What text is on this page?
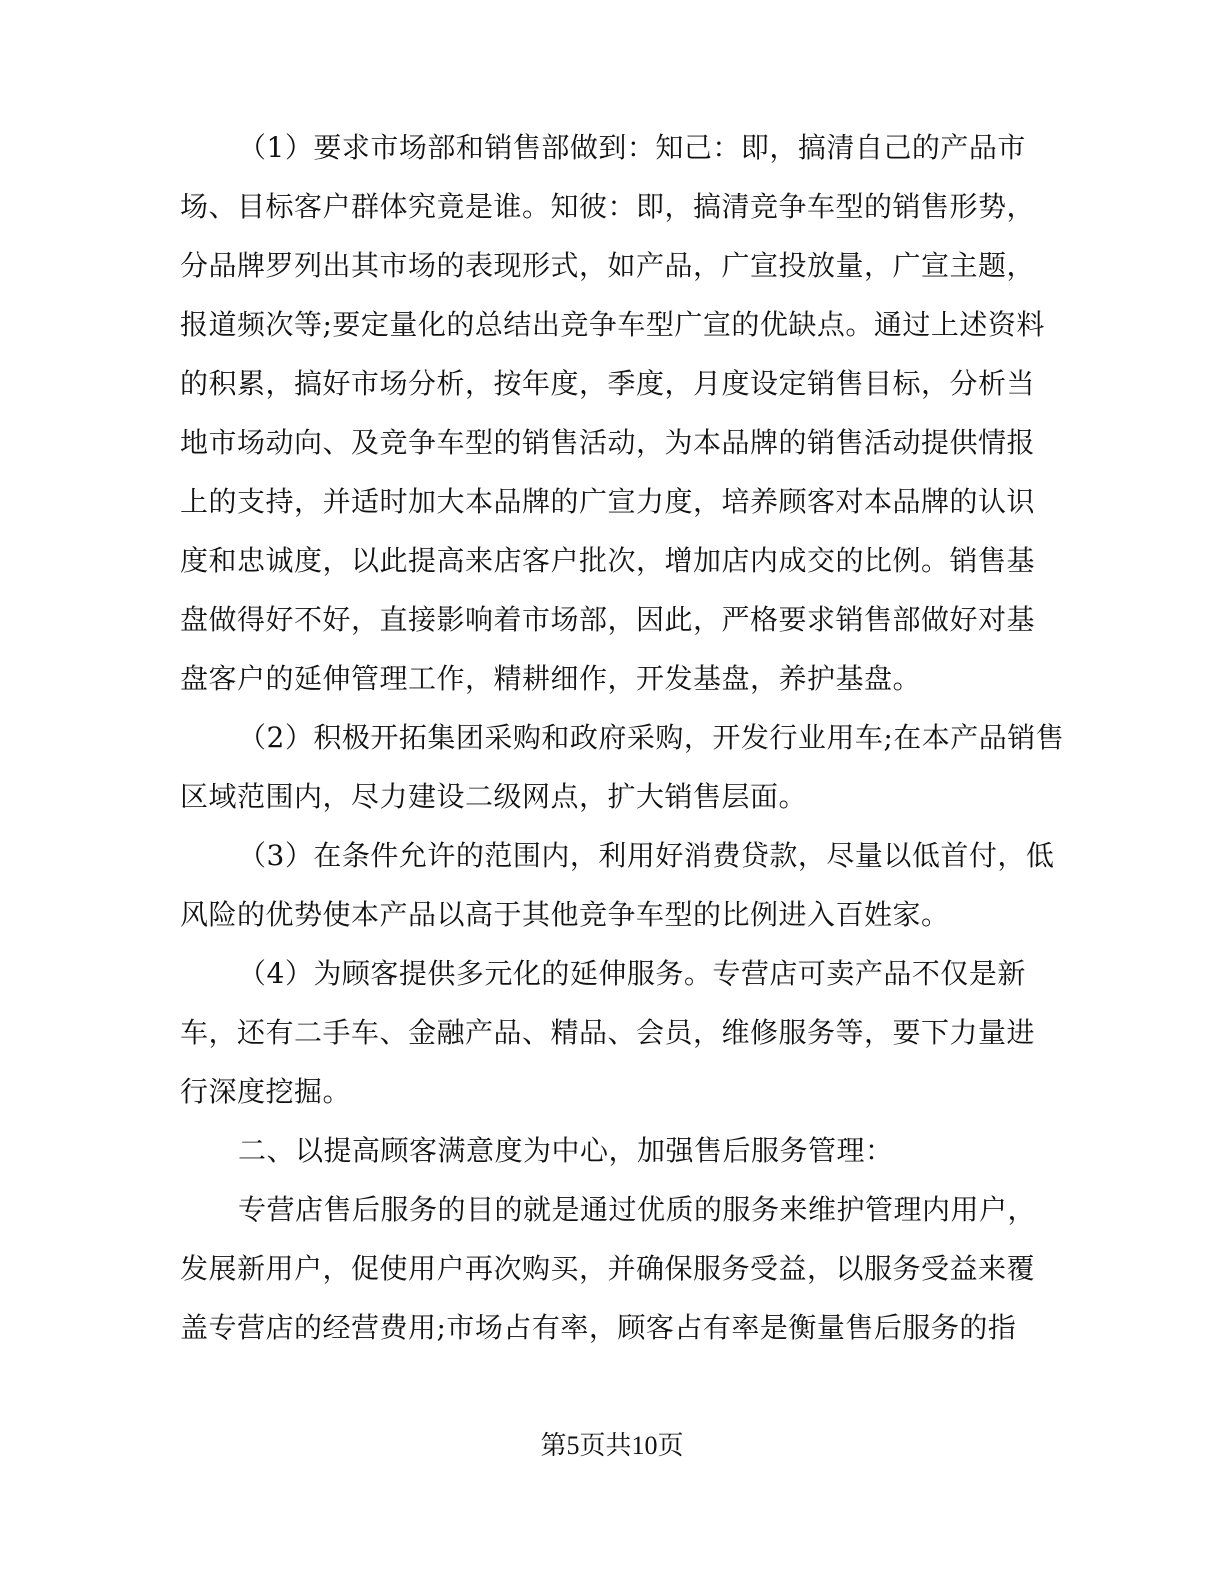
（1）要求市场部和销售部做到：知己：即，搞清自己的产品市
场、目标客户群体究竟是谁。知彼：即，搞清竞争车型的销售形势，
分品牌罗列出其市场的表现形式，如产品，广宣投放量，广宣主题，
报道频次等;要定量化的总结出竞争车型广宣的优缺点。通过上述资料
的积累，搞好市场分析，按年度，季度，月度设定销售目标，分析当
地市场动向、及竞争车型的销售活动，为本品牌的销售活动提供情报
上的支持，并适时加大本品牌的广宣力度，培养顾客对本品牌的认识
度和忠诚度，以此提高来店客户批次，增加店内成交的比例。销售基
盘做得好不好，直接影响着市场部，因此，严格要求销售部做好对基
盘客户的延伸管理工作，精耕细作，开发基盘，养护基盘。
（2）积极开拓集团采购和政府采购，开发行业用车;在本产品销售
区域范围内，尽力建设二级网点，扩大销售层面。
（3）在条件允许的范围内，利用好消费贷款，尽量以低首付，低
风险的优势使本产品以高于其他竞争车型的比例进入百姓家。
（4）为顾客提供多元化的延伸服务。专营店可卖产品不仅是新
车，还有二手车、金融产品、精品、会员，维修服务等，要下力量进
行深度挖掘。
二、以提高顾客满意度为中心，加强售后服务管理：
专营店售后服务的目的就是通过优质的服务来维护管理内用户，
发展新用户，促使用户再次购买，并确保服务受益，以服务受益来覆
盖专营店的经营费用;市场占有率，顾客占有率是衡量售后服务的指
第5页共10页
